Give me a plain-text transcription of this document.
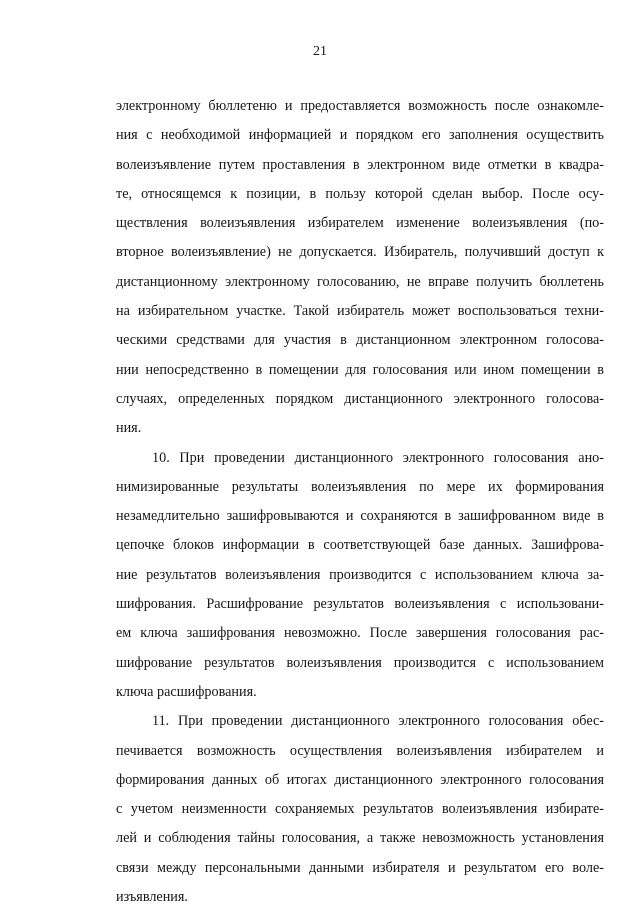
21
электронному бюллетеню и предоставляется возможность после ознакомле-
ния с необходимой информацией и порядком его заполнения осуществить
волеизъявление путем проставления в электронном виде отметки в квадра-
те, относящемся к позиции, в пользу которой сделан выбор. После осу-
ществления волеизъявления избирателем изменение волеизъявления (по-
вторное волеизъявление) не допускается. Избиратель, получивший доступ к
дистанционному электронному голосованию, не вправе получить бюллетень
на избирательном участке. Такой избиратель может воспользоваться техни-
ческими средствами для участия в дистанционном электронном голосова-
нии непосредственно в помещении для голосования или ином помещении в
случаях, определенных порядком дистанционного электронного голосова-
ния.
10. При проведении дистанционного электронного голосования ано-
нимизированные результаты волеизъявления по мере их формирования
незамедлительно зашифровываются и сохраняются в зашифрованном виде в
цепочке блоков информации в соответствующей базе данных. Зашифрова-
ние результатов волеизъявления производится с использованием ключа за-
шифрования. Расшифрование результатов волеизъявления с использовани-
ем ключа зашифрования невозможно. После завершения голосования рас-
шифрование результатов волеизъявления производится с использованием
ключа расшифрования.
11. При проведении дистанционного электронного голосования обес-
печивается возможность осуществления волеизъявления избирателем и
формирования данных об итогах дистанционного электронного голосования
с учетом неизменности сохраняемых результатов волеизъявления избирате-
лей и соблюдения тайны голосования, а также невозможность установления
связи между персональными данными избирателя и результатом его воле-
изъявления.
